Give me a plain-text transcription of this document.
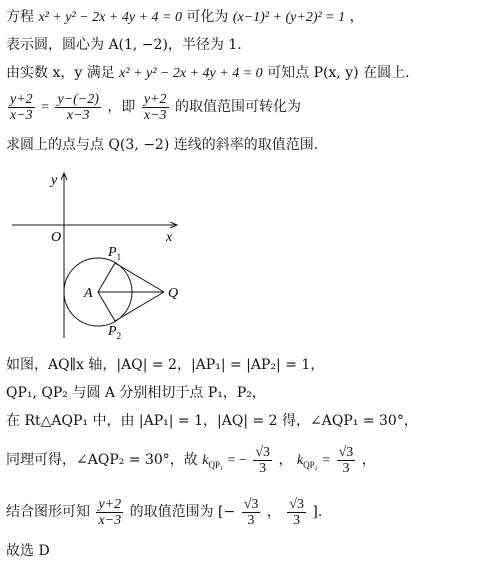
方程 x² + y² − 2x + 4y + 4 = 0 可化为 (x−1)² + (y+2)² = 1 ，
表示圆，圆心为 A(1, −2)，半径为 1.
由实数 x，y 满足 x² + y² − 2x + 4y + 4 = 0 可知点 P(x, y) 在圆上.
$\frac{y+2}{x-3} = \frac{y-(-2)}{x-3}$ ，即 $\frac{y+2}{x-3}$ 的取值范围可转化为
求圆上的点与点 Q(3, −2) 连线的斜率的取值范围.
y
x
O
A	Q
$P_1$
$P_2$
如图，AQ∥x 轴，|AQ| = 2，|AP₁| = |AP₂| = 1，
QP₁, QP₂ 与圆 A 分别相切于点 P₁，P₂，
在 Rt△AQP₁ 中，由 |AP₁| = 1，|AQ| = 2 得，∠AQP₁ = 30°，
同理可得，∠AQP₂ = 30°，故 $k_{QP_1}$ = − $\frac{√3}{3}$ ， $k_{QP_2} = \frac{√3}{3}$ ，
结合图形可知 $\frac{y+2}{x-3}$ 的取值范围为 [− $\frac{√3}{3}$ ， $\frac{√3}{3}$ ].
故选 D
